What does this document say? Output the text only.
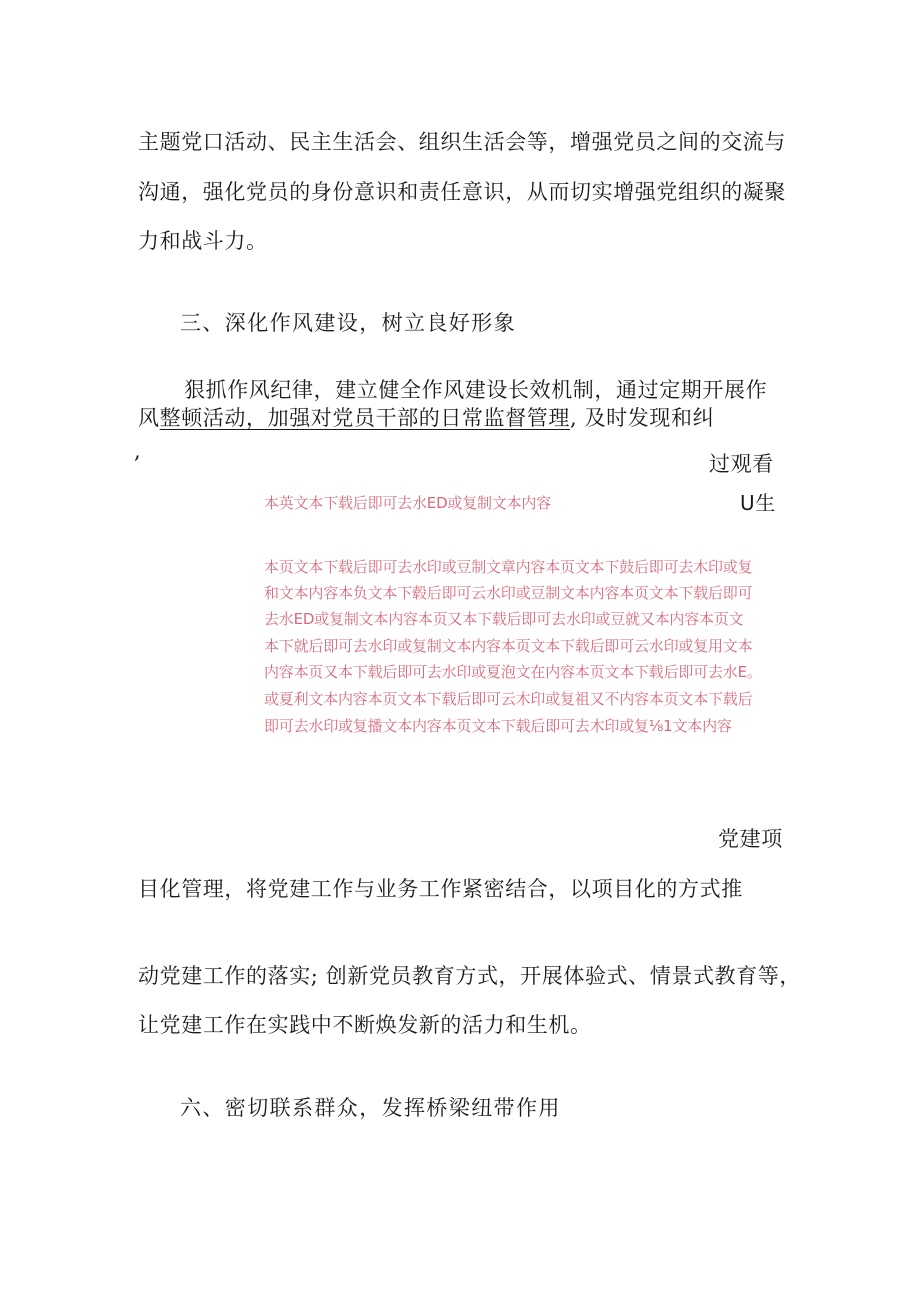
主题党口活动、民主生活会、组织生活会等，增强党员之间的交流与
沟通，强化党员的身份意识和责任意识，从而切实增强党组织的凝聚
力和战斗力。
三、深化作风建设，树立良好形象
狠抓作风纪律，建立健全作风建设长效机制，通过定期开展作
风整顿活动，加强对党员干部的日常监督管理, 及时发现和纠
,
过观看
U生
本英文本下载后即可去水ED或复制文本内容
本页文本下载后即可去水印或豆制文章内容本页文本下鼓后即可去木印或复
和文本内容本负文本下毂后即可云水印或豆制文本内容本页文本下载后即可
去水ED或复制文本内容本页又本下载后即可去水印或豆就又本内容本页文
本下就后即可去水印或复制文本内容本页文本下载后即可云水印或复用文本
内容本页又本下载后即可去水印或夏泡文在内容本页文本下载后即可去水E。
或夏利文本内容本页文本下载后即可云木印或复祖又不内容本页文本下载后
即可去水印或复播文本内容本页文本下载后即可去木印或复⅛1文本内容
党建项
目化管理，将党建工作与业务工作紧密结合，以项目化的方式推
动党建工作的落实; 创新党员教育方式，开展体验式、情景式教育等，
让党建工作在实践中不断焕发新的活力和生机。
六、密切联系群众，发挥桥梁纽带作用
